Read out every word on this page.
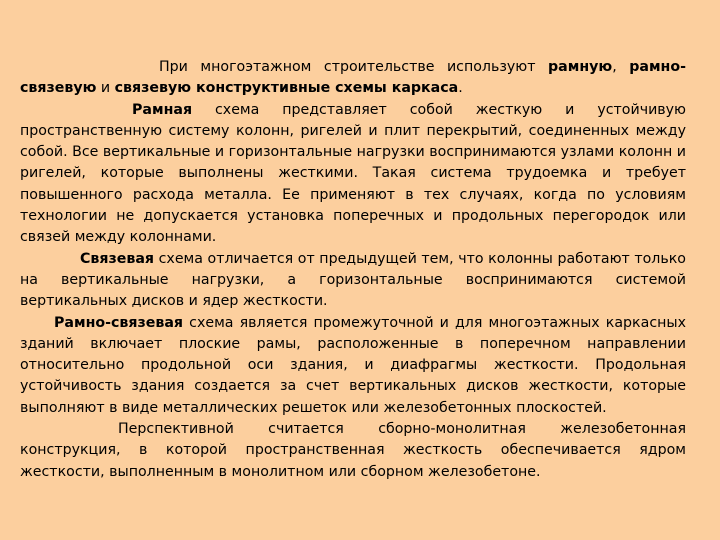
При многоэтажном строительстве используют рамную, рамно-связевую и связевую конструктивные схемы каркаса.

Рамная схема представляет собой жесткую и устойчивую пространственную систему колонн, ригелей и плит перекрытий, соединенных между собой. Все вертикальные и горизонтальные нагрузки воспринимаются узлами колонн и ригелей, которые выполнены жесткими. Такая система трудоемка и требует повышенного расхода металла. Ее применяют в тех случаях, когда по условиям технологии не допускается установка поперечных и продольных перегородок или связей между колоннами.

Связевая схема отличается от предыдущей тем, что колонны работают только на вертикальные нагрузки, а горизонтальные воспринимаются системой вертикальных дисков и ядер жесткости.

Рамно-связевая схема является промежуточной и для многоэтажных каркасных зданий включает плоские рамы, расположенные в поперечном направлении относительно продольной оси здания, и диафрагмы жесткости. Продольная устойчивость здания создается за счет вертикальных дисков жесткости, которые выполняют в виде металлических решеток или железобетонных плоскостей.

Перспективной считается сборно-монолитная железобетонная конструкция, в которой пространственная жесткость обеспечивается ядром жесткости, выполненным в монолитном или сборном железобетоне.
